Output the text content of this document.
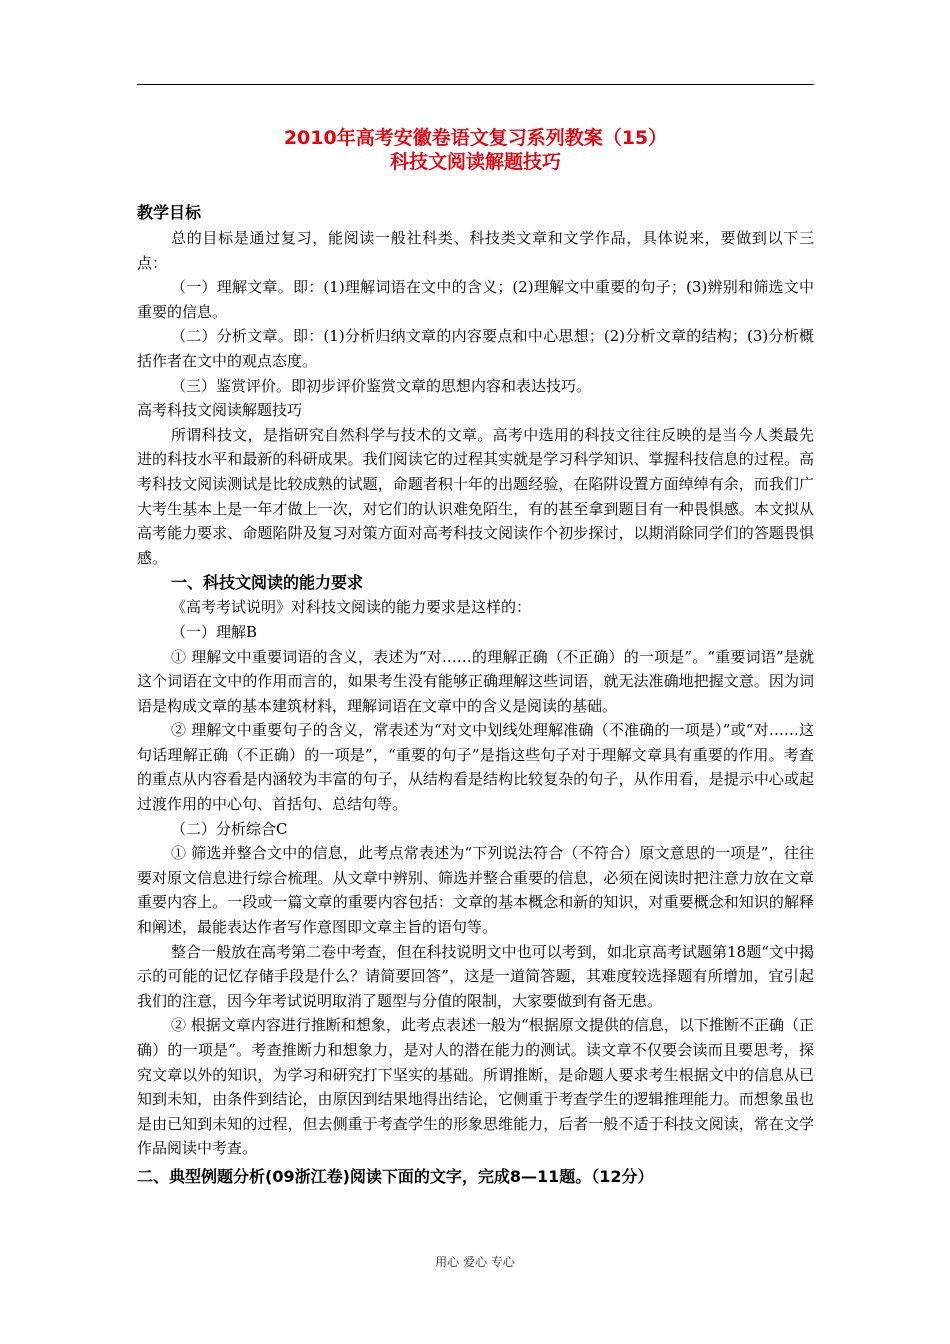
2010年高考安徽卷语文复习系列教案（15）
科技文阅读解题技巧

教学目标

总的目标是通过复习，能阅读一般社科类、科技类文章和文学作品，具体说来，要做到以下三点：

（一）理解文章。即：(1)理解词语在文中的含义；(2)理解文中重要的句子；(3)辨别和筛选文中重要的信息。

（二）分析文章。即：(1)分析归纳文章的内容要点和中心思想；(2)分析文章的结构；(3)分析概括作者在文中的观点态度。

（三）鉴赏评价。即初步评价鉴赏文章的思想内容和表达技巧。

高考科技文阅读解题技巧

所谓科技文，是指研究自然科学与技术的文章。高考中选用的科技文往往反映的是当今人类最先进的科技水平和最新的科研成果。我们阅读它的过程其实就是学习科学知识、掌握科技信息的过程。高考科技文阅读测试是比较成熟的试题，命题者积十年的出题经验，在陷阱设置方面绰绰有余，而我们广大考生基本上是一年才做上一次，对它们的认识难免陌生，有的甚至拿到题目有一种畏惧感。本文拟从高考能力要求、命题陷阱及复习对策方面对高考科技文阅读作个初步探讨，以期消除同学们的答题畏惧感。

一、科技文阅读的能力要求

《高考考试说明》对科技文阅读的能力要求是这样的：

（一）理解B

① 理解文中重要词语的含义，表述为“对……的理解正确（不正确）的一项是”。“重要词语”是就这个词语在文中的作用而言的，如果考生没有能够正确理解这些词语，就无法准确地把握文意。因为词语是构成文章的基本建筑材料，理解词语在文章中的含义是阅读的基础。

② 理解文中重要句子的含义，常表述为“对文中划线处理解准确（不准确的一项是）”或“对……这句话理解正确（不正确）的一项是”，“重要的句子”是指这些句子对于理解文章具有重要的作用。考查的重点从内容看是内涵较为丰富的句子，从结构看是结构比较复杂的句子，从作用看，是提示中心或起过渡作用的中心句、首括句、总结句等。

（二）分析综合C

① 筛选并整合文中的信息，此考点常表述为“下列说法符合（不符合）原文意思的一项是”，往往要对原文信息进行综合梳理。从文章中辨别、筛选并整合重要的信息，必须在阅读时把注意力放在文章重要内容上。一段或一篇文章的重要内容包括：文章的基本概念和新的知识，对重要概念和知识的解释和阐述，最能表达作者写作意图即文章主旨的语句等。

整合一般放在高考第二卷中考查，但在科技说明文中也可以考到，如北京高考试题第18题“文中揭示的可能的记忆存储手段是什么？请简要回答”，这是一道简答题，其难度较选择题有所增加，宜引起我们的注意，因今年考试说明取消了题型与分值的限制，大家要做到有备无患。

② 根据文章内容进行推断和想象，此考点表述一般为“根据原文提供的信息，以下推断不正确（正确）的一项是”。考查推断力和想象力，是对人的潜在能力的测试。读文章不仅要会读而且要思考，探究文章以外的知识，为学习和研究打下坚实的基础。所谓推断，是命题人要求考生根据文中的信息从已知到未知，由条件到结论，由原因到结果地得出结论，它侧重于考查学生的逻辑推理能力。而想象虽也是由已知到未知的过程，但去侧重于考查学生的形象思维能力，后者一般不适于科技文阅读，常在文学作品阅读中考查。

二、典型例题分析(09浙江卷)阅读下面的文字，完成8—11题。（12分）

用心 爱心 专心
